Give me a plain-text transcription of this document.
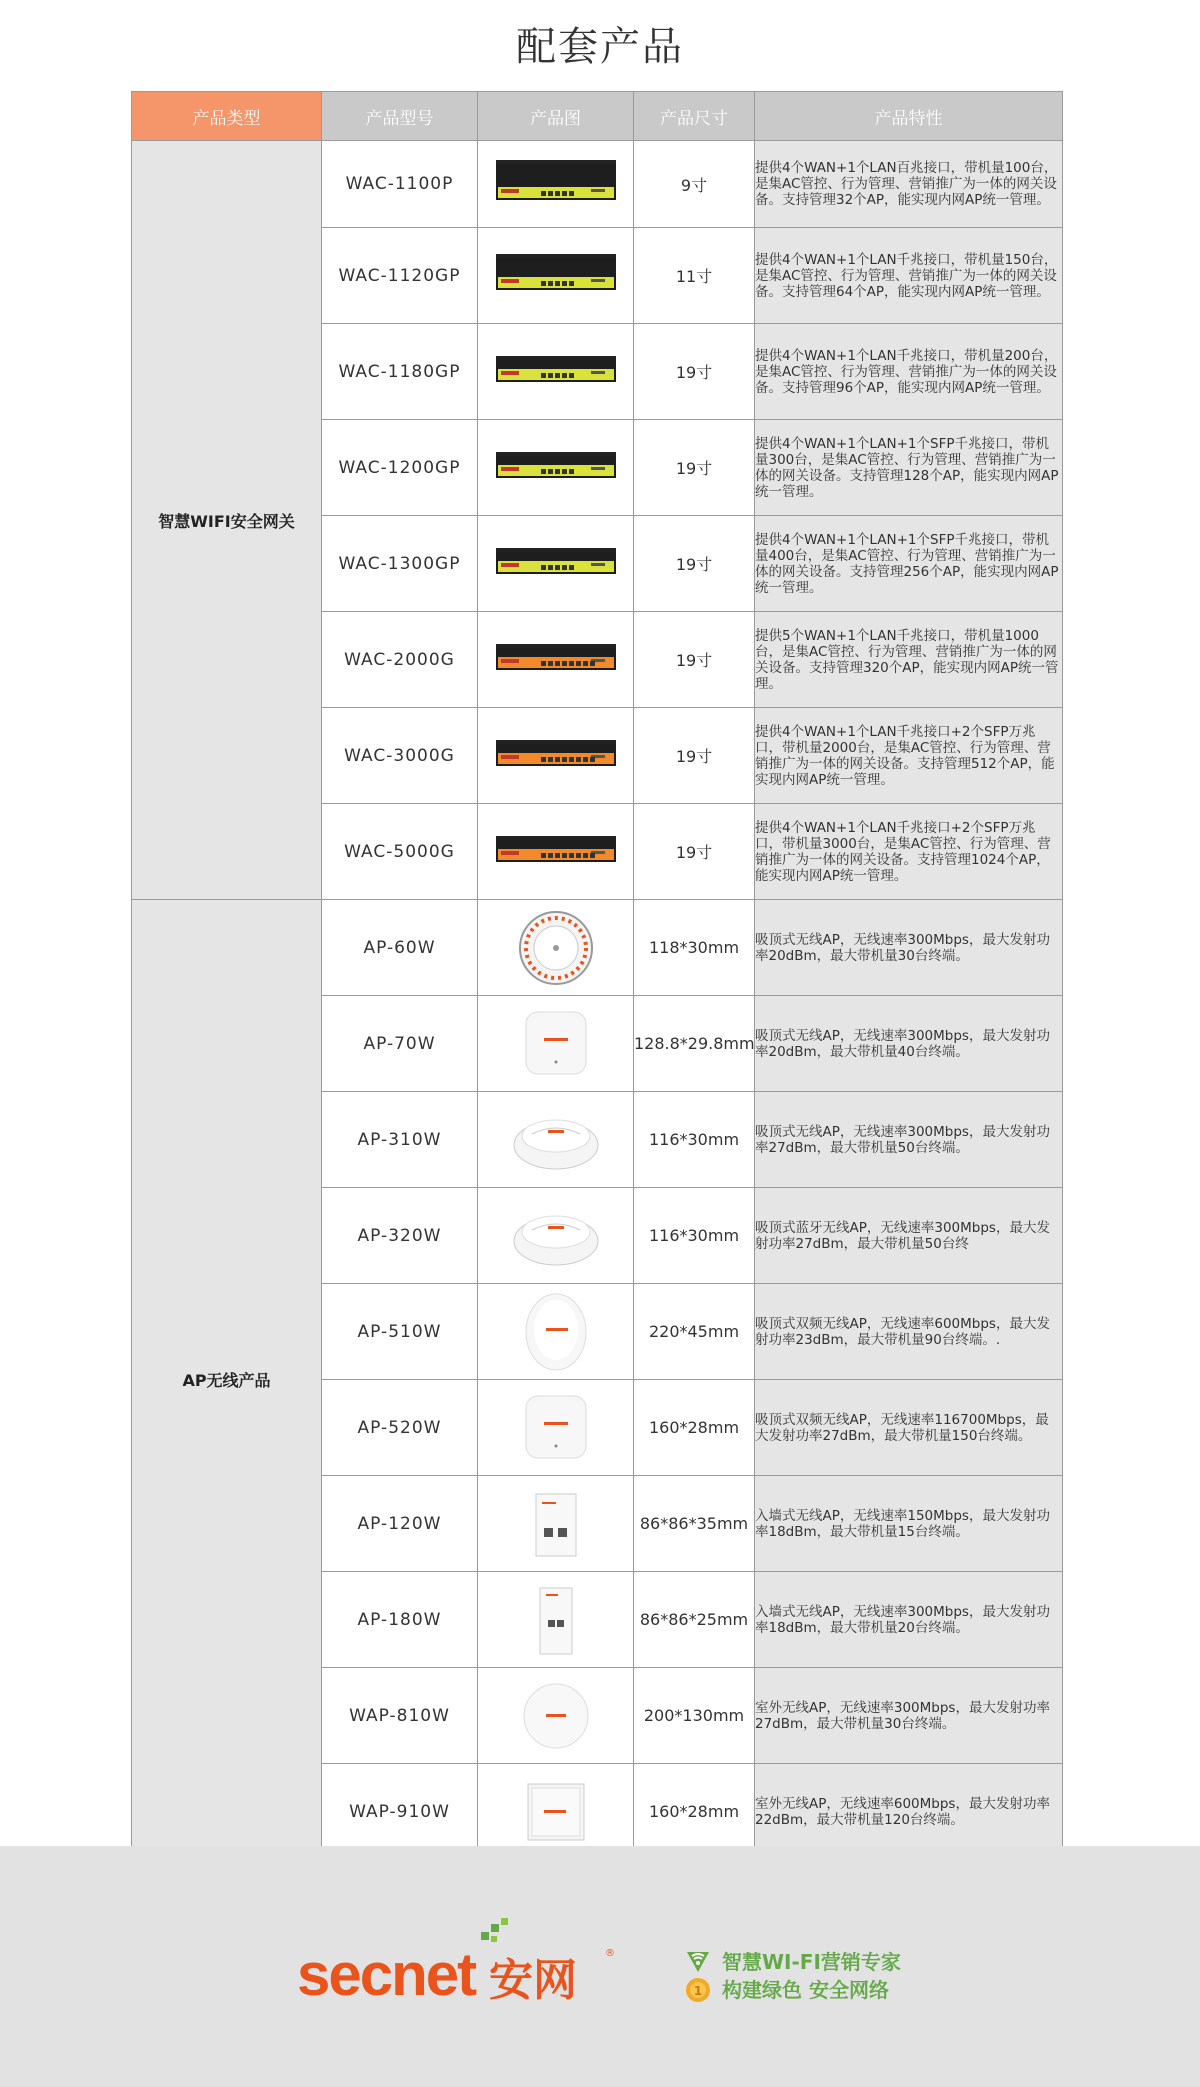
配套产品
产品类型	产品型号	产品图	产品尺寸	产品特性
智慧WIFI安全网关	WAC-1100P		9寸	提供4个WAN+1个LAN百兆接口，带机量100台，是集AC管控、行为管理、营销推广为一体的网关设备。支持管理32个AP，能实现内网AP统一管理。
	WAC-1120GP		11寸	提供4个WAN+1个LAN千兆接口，带机量150台，是集AC管控、行为管理、营销推广为一体的网关设备。支持管理64个AP，能实现内网AP统一管理。
	WAC-1180GP		19寸	提供4个WAN+1个LAN千兆接口，带机量200台，是集AC管控、行为管理、营销推广为一体的网关设备。支持管理96个AP，能实现内网AP统一管理。
	WAC-1200GP		19寸	提供4个WAN+1个LAN+1个SFP千兆接口，带机量300台，是集AC管控、行为管理、营销推广为一体的网关设备。支持管理128个AP，能实现内网AP统一管理。
	WAC-1300GP		19寸	提供4个WAN+1个LAN+1个SFP千兆接口，带机量400台，是集AC管控、行为管理、营销推广为一体的网关设备。支持管理256个AP，能实现内网AP统一管理。
	WAC-2000G		19寸	提供5个WAN+1个LAN千兆接口，带机量1000台，是集AC管控、行为管理、营销推广为一体的网关设备。支持管理320个AP，能实现内网AP统一管理。
	WAC-3000G		19寸	提供4个WAN+1个LAN千兆接口+2个SFP万兆口，带机量2000台，是集AC管控、行为管理、营销推广为一体的网关设备。支持管理512个AP，能实现内网AP统一管理。
	WAC-5000G		19寸	提供4个WAN+1个LAN千兆接口+2个SFP万兆口，带机量3000台，是集AC管控、行为管理、营销推广为一体的网关设备。支持管理1024个AP，能实现内网AP统一管理。
AP无线产品	AP-60W		118*30mm	吸顶式无线AP，无线速率300Mbps，最大发射功率20dBm，最大带机量30台终端。
	AP-70W		128.8*29.8mm	吸顶式无线AP，无线速率300Mbps，最大发射功率20dBm，最大带机量40台终端。
	AP-310W		116*30mm	吸顶式无线AP，无线速率300Mbps，最大发射功率27dBm，最大带机量50台终端。
	AP-320W		116*30mm	吸顶式蓝牙无线AP，无线速率300Mbps，最大发射功率27dBm，最大带机量50台终
	AP-510W		220*45mm	吸顶式双频无线AP，无线速率600Mbps，最大发射功率23dBm，最大带机量90台终端。.
	AP-520W		160*28mm	吸顶式双频无线AP，无线速率116700Mbps，最大发射功率27dBm，最大带机量150台终端。
	AP-120W		86*86*35mm	入墙式无线AP，无线速率150Mbps，最大发射功率18dBm，最大带机量15台终端。
	AP-180W		86*86*25mm	入墙式无线AP，无线速率300Mbps，最大发射功率18dBm，最大带机量20台终端。
	WAP-810W		200*130mm	室外无线AP，无线速率300Mbps，最大发射功率27dBm，最大带机量30台终端。
	WAP-910W		160*28mm	室外无线AP，无线速率600Mbps，最大发射功率22dBm，最大带机量120台终端。
secnet 安网
®	智慧WI-FI营销专家
1 构建绿色 安全网络
